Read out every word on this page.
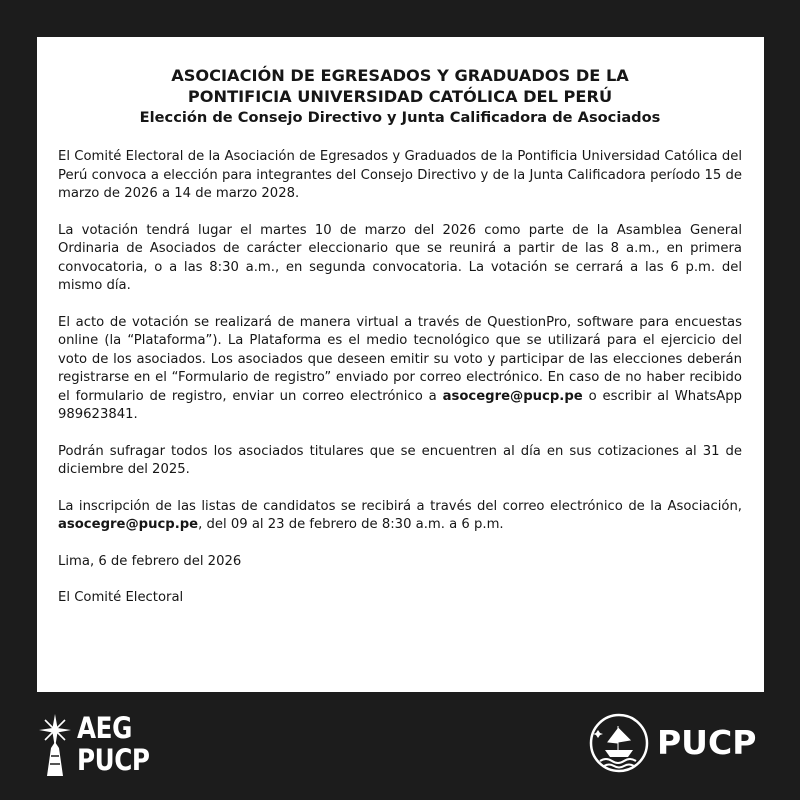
ASOCIACIÓN DE EGRESADOS Y GRADUADOS DE LA
PONTIFICIA UNIVERSIDAD CATÓLICA DEL PERÚ
Elección de Consejo Directivo y Junta Calificadora de Asociados

El Comité Electoral de la Asociación de Egresados y Graduados de la Pontificia Universidad Católica del Perú convoca a elección para integrantes del Consejo Directivo y de la Junta Calificadora período 15 de marzo de 2026 a 14 de marzo 2028.

La votación tendrá lugar el martes 10 de marzo del 2026 como parte de la Asamblea General Ordinaria de Asociados de carácter eleccionario que se reunirá a partir de las 8 a.m., en primera convocatoria, o a las 8:30 a.m., en segunda convocatoria. La votación se cerrará a las 6 p.m. del mismo día.

El acto de votación se realizará de manera virtual a través de QuestionPro, software para encuestas online (la “Plataforma”). La Plataforma es el medio tecnológico que se utilizará para el ejercicio del voto de los asociados. Los asociados que deseen emitir su voto y participar de las elecciones deberán registrarse en el “Formulario de registro” enviado por correo electrónico. En caso de no haber recibido el formulario de registro, enviar un correo electrónico a asocegre@pucp.pe o escribir al WhatsApp 989623841.

Podrán sufragar todos los asociados titulares que se encuentren al día en sus cotizaciones al 31 de diciembre del 2025.

La inscripción de las listas de candidatos se recibirá a través del correo electrónico de la Asociación, asocegre@pucp.pe, del 09 al 23 de febrero de 8:30 a.m. a 6 p.m.

Lima, 6 de febrero del 2026

El Comité Electoral

AEG
PUCP	PUCP
